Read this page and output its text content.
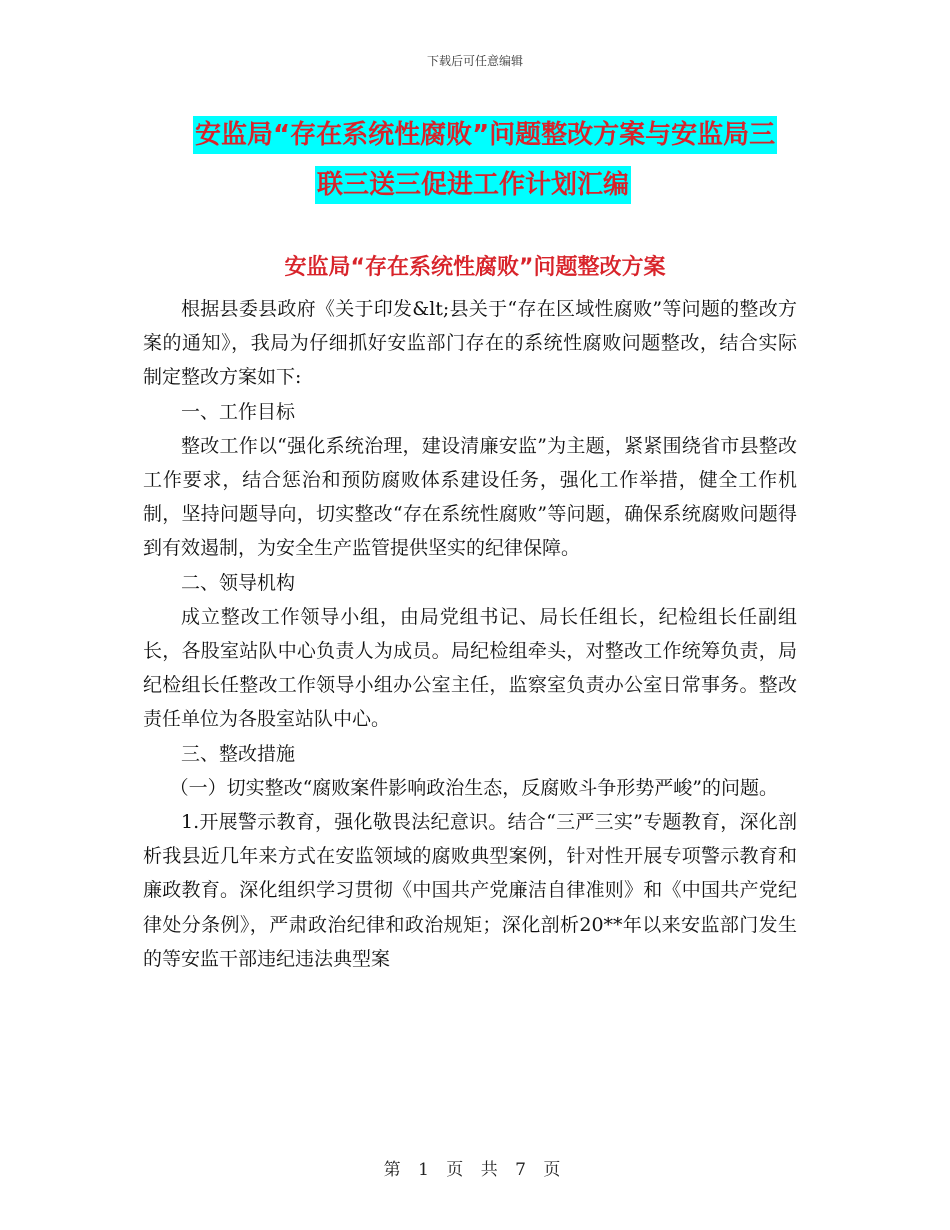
下载后可任意编辑
安监局“存在系统性腐败”问题整改方案与安监局三
联三送三促进工作计划汇编
安监局“存在系统性腐败”问题整改方案

根据县委县政府《关于印发&lt;县关于“存在区域性腐败”等问题的整改方案的通知》，我局为仔细抓好安监部门存在的系统性腐败问题整改，结合实际制定整改方案如下:

一、工作目标

整改工作以“强化系统治理，建设清廉安监”为主题，紧紧围绕省市县整改工作要求，结合惩治和预防腐败体系建设任务，强化工作举措，健全工作机制，坚持问题导向，切实整改“存在系统性腐败”等问题，确保系统腐败问题得到有效遏制，为安全生产监管提供坚实的纪律保障。

二、领导机构

成立整改工作领导小组，由局党组书记、局长任组长，纪检组长任副组长，各股室站队中心负责人为成员。局纪检组牵头，对整改工作统筹负责，局纪检组长任整改工作领导小组办公室主任，监察室负责办公室日常事务。整改责任单位为各股室站队中心。

三、整改措施

（一）切实整改“腐败案件影响政治生态，反腐败斗争形势严峻”的问题。

1.开展警示教育，强化敬畏法纪意识。结合“三严三实”专题教育，深化剖析我县近几年来方式在安监领域的腐败典型案例，针对性开展专项警示教育和廉政教育。深化组织学习贯彻《中国共产党廉洁自律准则》和《中国共产党纪律处分条例》，严肃政治纪律和政治规矩；深化剖析20**年以来安监部门发生的等安监干部违纪违法典型案

第 1 页 共 7 页
